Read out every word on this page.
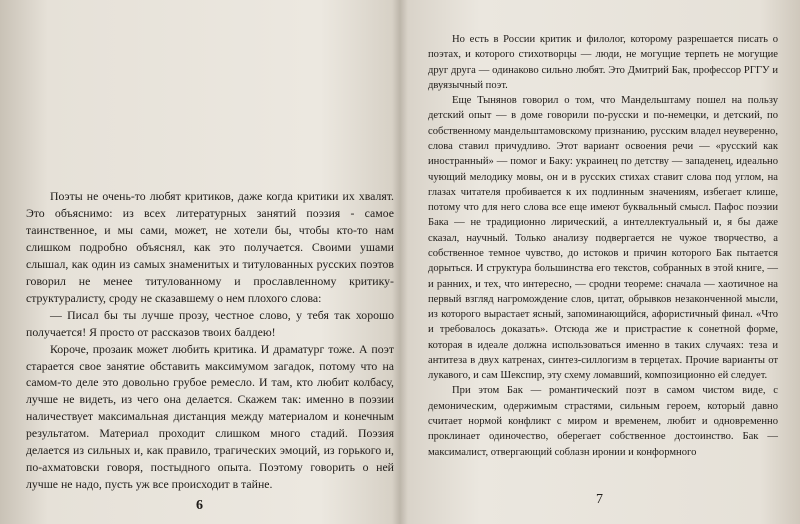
Поэты не очень-то любят критиков, даже когда критики их хвалят. Это объяснимо: из всех литературных занятий поэзия - самое таинственное, и мы сами, может, не хотели бы, чтобы кто-то нам слишком подробно объяснял, как это получается. Своими ушами слышал, как один из самых знаменитых и титулованных русских поэтов говорил не менее титулованному и прославленному критику-структуралисту, сроду не сказавшему о нем плохого слова:

— Писал бы ты лучше прозу, честное слово, у тебя так хорошо получается! Я просто от рассказов твоих балдею!

Короче, прозаик может любить критика. И драматург тоже. А поэт старается свое занятие обставить максимумом загадок, потому что на самом-то деле это довольно грубое ремесло. И там, кто любит колбасу, лучше не видеть, из чего она делается. Скажем так: именно в поэзии наличествует максимальная дистанция между материалом и конечным результатом. Материал проходит слишком много стадий. Поэзия делается из сильных и, как правило, трагических эмоций, из горького и, по-ахматовски говоря, постыдного опыта. Поэтому говорить о ней лучше не надо, пусть уж все происходит в тайне.

6	7

Но есть в России критик и филолог, которому разрешается писать о поэтах, и которого стихотворцы — люди, не могущие терпеть не могущие друг друга — одинаково сильно любят. Это Дмитрий Бак, профессор РГГУ и двуязычный поэт.

Еще Тынянов говорил о том, что Мандельштаму пошел на пользу детский опыт — в доме говорили по-русски и по-немецки, и детский, по собственному мандельштамовскому признанию, русским владел неуверенно, слова ставил причудливо. Этот вариант освоения речи — «русский как иностранный» — помог и Баку: украинец по детству — западенец, идеально чующий мелодику мовы, он и в русских стихах ставит слова под углом, на глазах читателя пробивается к их подлинным значениям, избегает клише, потому что для него слова все еще имеют буквальный смысл. Пафос поэзии Бака — не традиционно лирический, а интеллектуальный и, я бы даже сказал, научный. Только анализу подвергается не чужое творчество, а собственное темное чувство, до истоков и причин которого Бак пытается дорыться. И структура большинства его текстов, собранных в этой книге, — и ранних, и тех, что интересно, — сродни теореме: сначала — хаотичное на первый взгляд нагромождение слов, цитат, обрывков незаконченной мысли, из которого вырастает ясный, запоминающийся, афористичный финал. «Что и требовалось доказать». Отсюда же и пристрастие к сонетной форме, которая в идеале должна использоваться именно в таких случаях: теза и антитеза в двух катренах, синтез-силлогизм в терцетах. Прочие варианты от лукавого, и сам Шекспир, эту схему ломавший, композиционно ей следует.

При этом Бак — романтический поэт в самом чистом виде, с демоническим, одержимым страстями, сильным героем, который давно считает нормой конфликт с миром и временем, любит и одновременно проклинает одиночество, оберегает собственное достоинство. Бак — максималист, отвергающий соблазн иронии и конформного
